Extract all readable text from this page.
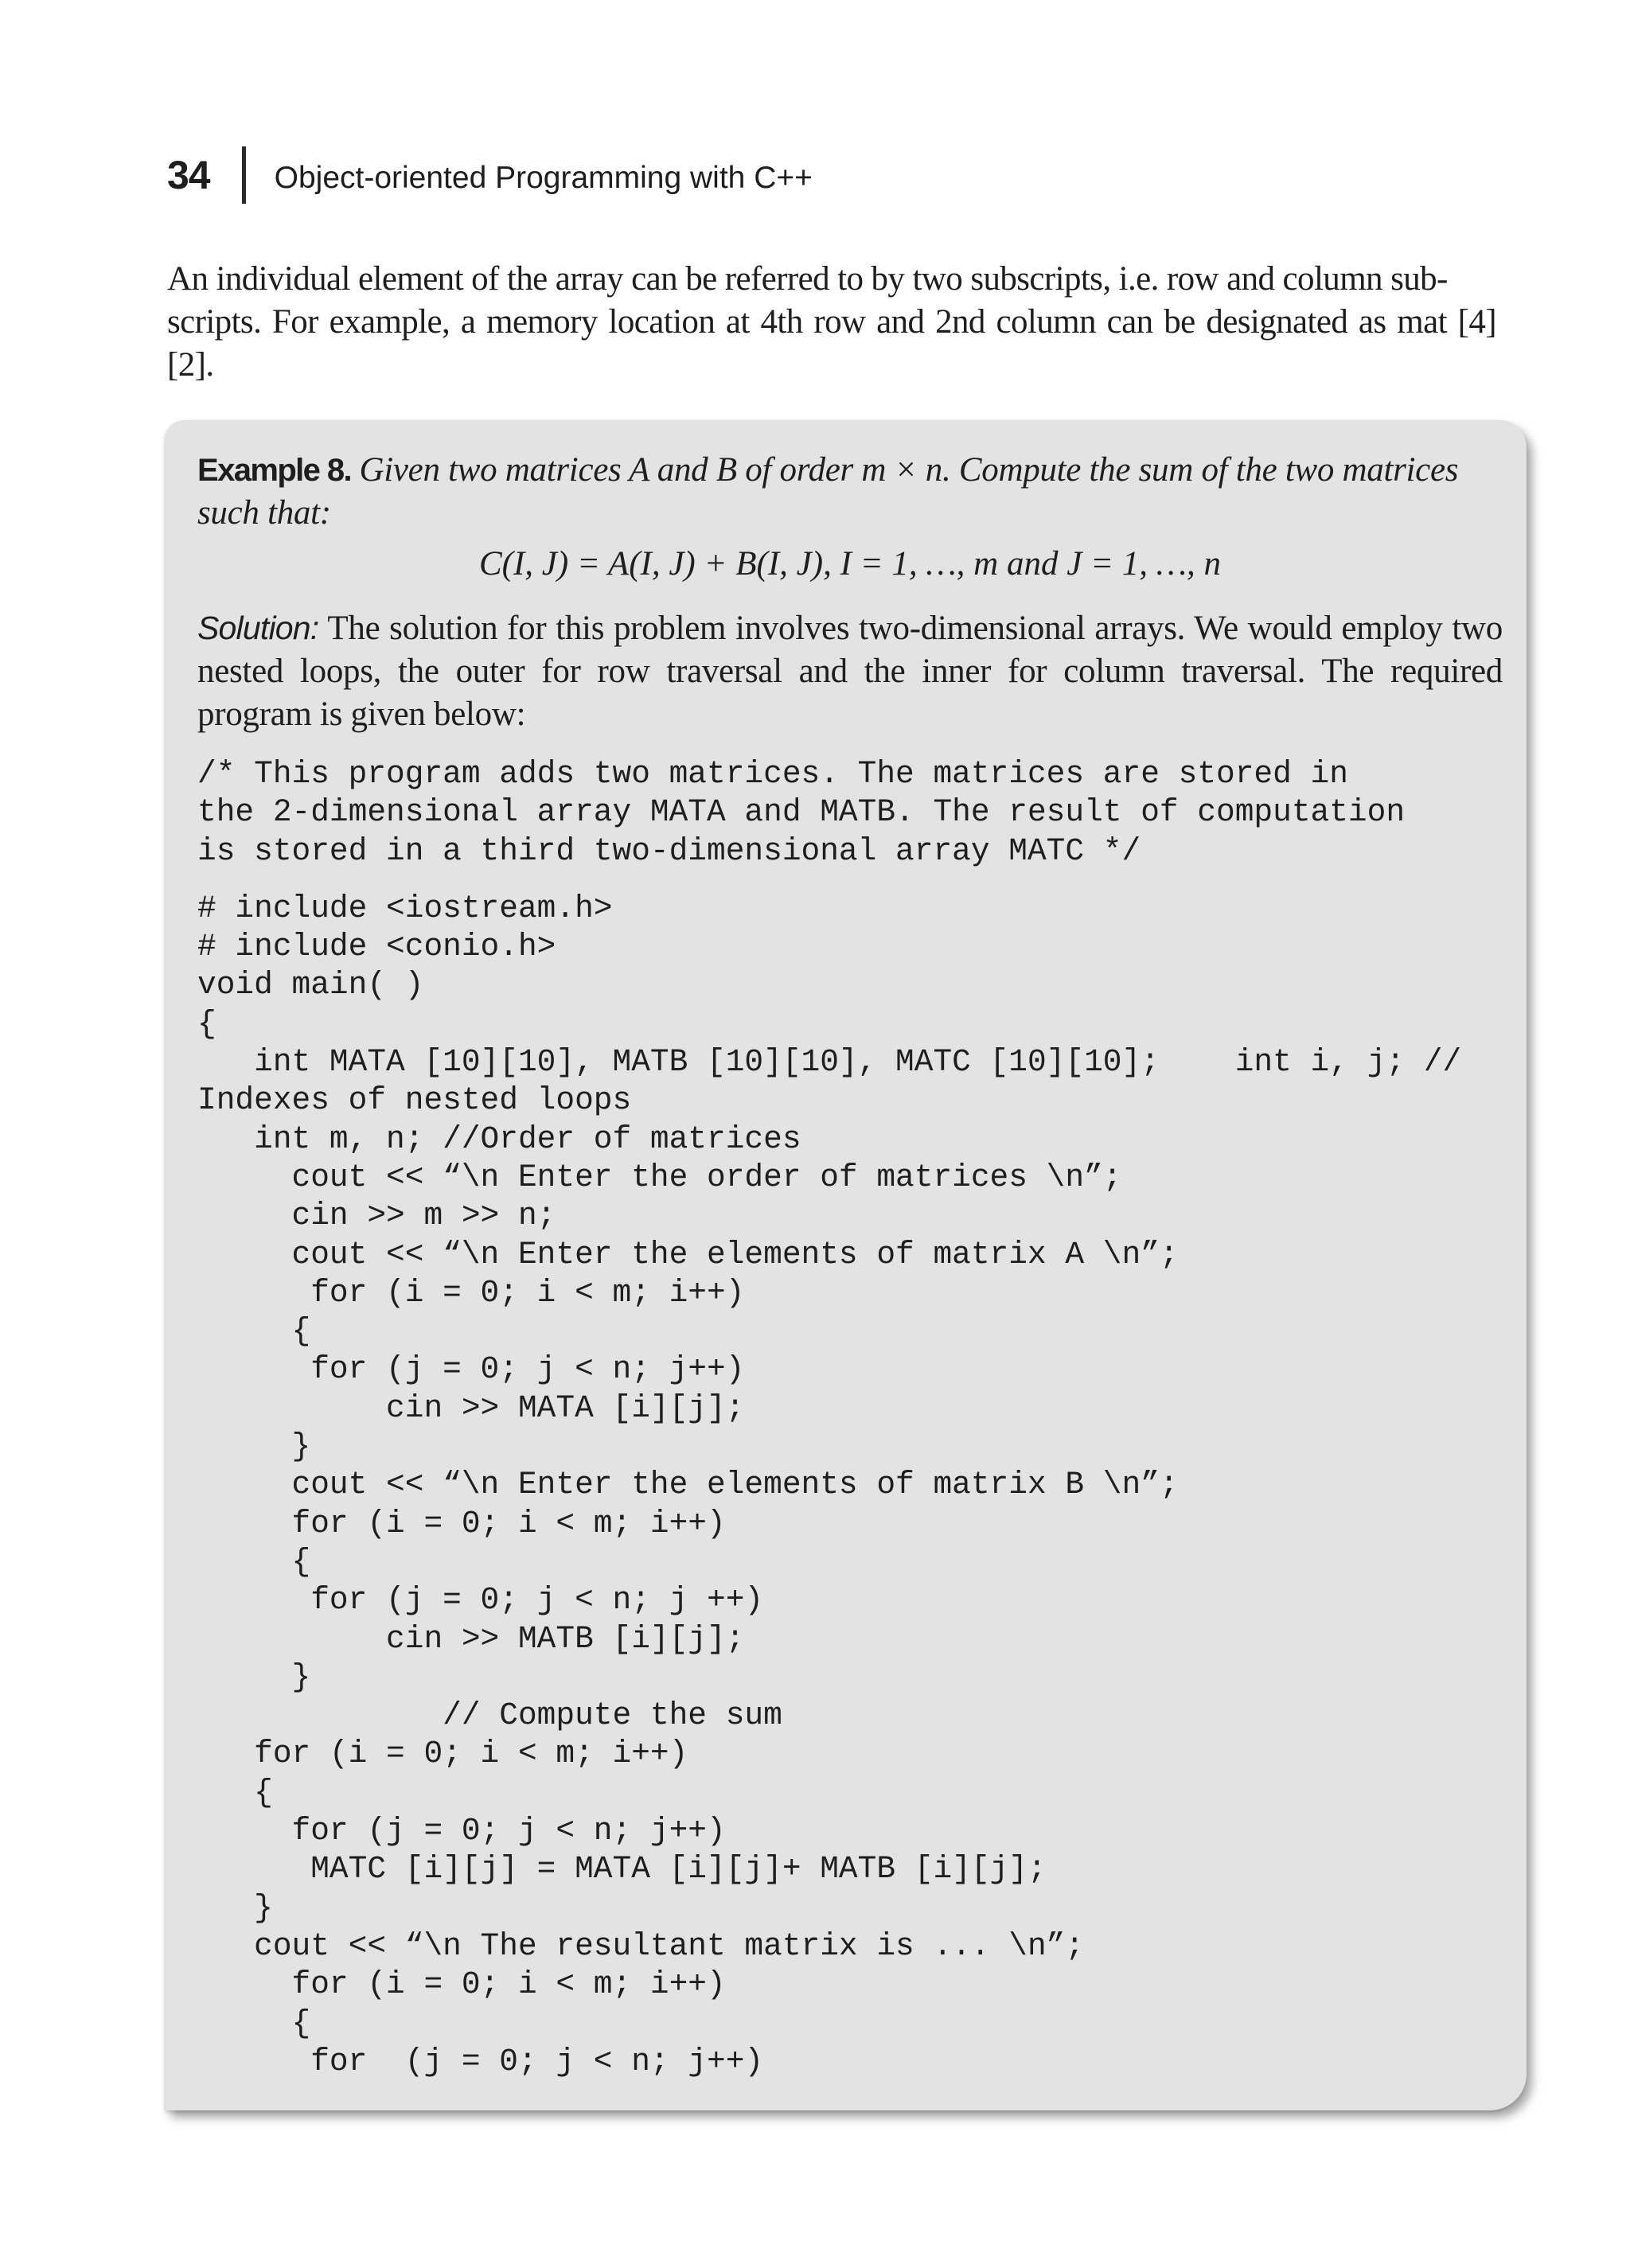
34 Object-oriented Programming with C++

An individual element of the array can be referred to by two subscripts, i.e. row and column sub-

scripts. For example, a memory location at 4th row and 2nd column can be designated as mat [4] [2].

Example 8. Given two matrices A and B of order m × n. Compute the sum of the two matrices such that:

C(I, J) = A(I, J) + B(I, J), I = 1, …, m and J = 1, …, n

Solution: The solution for this problem involves two-dimensional arrays. We would employ two nested loops, the outer for row traversal and the inner for column traversal. The required program is given below:

/* This program adds two matrices. The matrices are stored in
the 2-dimensional array MATA and MATB. The result of computation
is stored in a third two-dimensional array MATC */
# include <iostream.h>
# include <conio.h>
void main( )
{
int MATA [10][10], MATB [10][10], MATC [10][10];    int i, j; //
Indexes of nested loops
int m, n; //Order of matrices
cout << “\n Enter the order of matrices \n”;
cin >> m >> n;
cout << “\n Enter the elements of matrix A \n”;
for (i = 0; i < m; i++)
{
for (j = 0; j < n; j++)
cin >> MATA [i][j];
}
cout << “\n Enter the elements of matrix B \n”;
for (i = 0; i < m; i++)
{
for (j = 0; j < n; j ++)
cin >> MATB [i][j];
}
// Compute the sum
for (i = 0; i < m; i++)
{
for (j = 0; j < n; j++)
MATC [i][j] = MATA [i][j]+ MATB [i][j];
}
cout << “\n The resultant matrix is ... \n”;
for (i = 0; i < m; i++)
{
for  (j = 0; j < n; j++)
